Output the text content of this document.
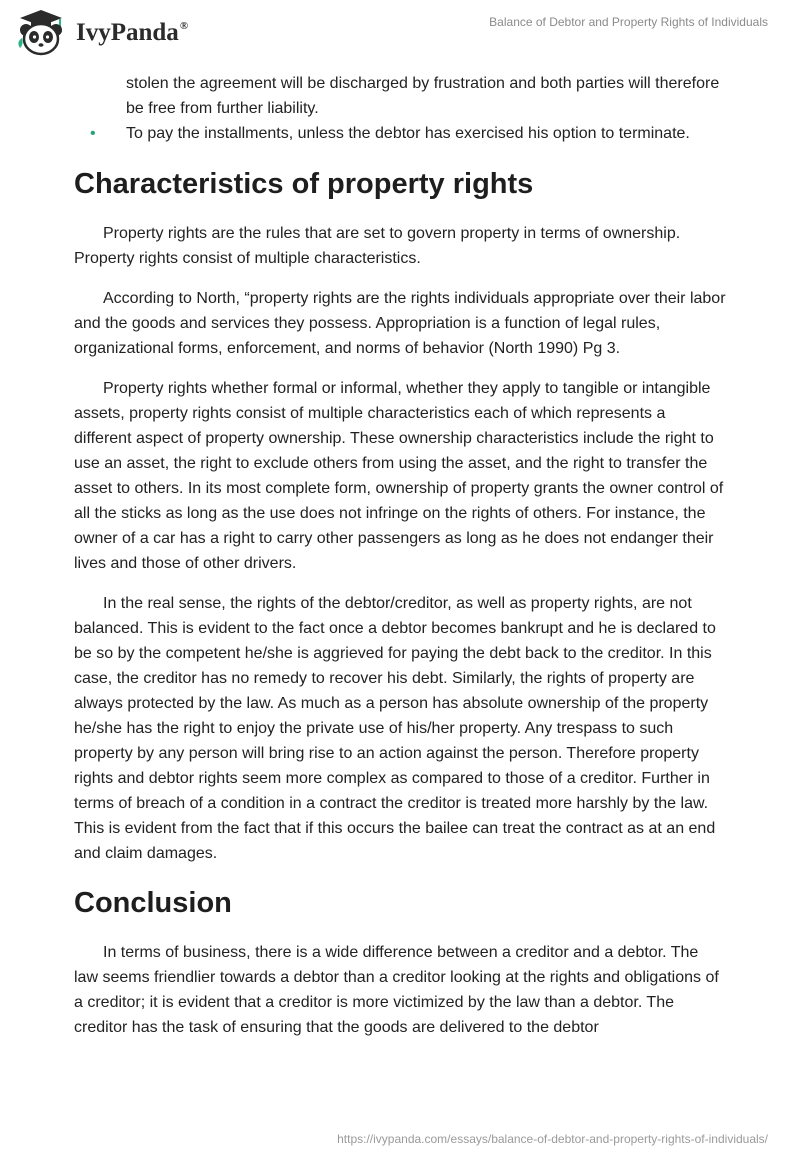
IvyPanda®	Balance of Debtor and Property Rights of Individuals
stolen the agreement will be discharged by frustration and both parties will therefore be free from further liability.
• To pay the installments, unless the debtor has exercised his option to terminate.
Characteristics of property rights

Property rights are the rules that are set to govern property in terms of ownership. Property rights consist of multiple characteristics.

According to North, “property rights are the rights individuals appropriate over their labor and the goods and services they possess. Appropriation is a function of legal rules, organizational forms, enforcement, and norms of behavior (North 1990) Pg 3.

Property rights whether formal or informal, whether they apply to tangible or intangible assets, property rights consist of multiple characteristics each of which represents a different aspect of property ownership. These ownership characteristics include the right to use an asset, the right to exclude others from using the asset, and the right to transfer the asset to others. In its most complete form, ownership of property grants the owner control of all the sticks as long as the use does not infringe on the rights of others. For instance, the owner of a car has a right to carry other passengers as long as he does not endanger their lives and those of other drivers.

In the real sense, the rights of the debtor/creditor, as well as property rights, are not balanced. This is evident to the fact once a debtor becomes bankrupt and he is declared to be so by the competent he/she is aggrieved for paying the debt back to the creditor. In this case, the creditor has no remedy to recover his debt. Similarly, the rights of property are always protected by the law. As much as a person has absolute ownership of the property he/she has the right to enjoy the private use of his/her property. Any trespass to such property by any person will bring rise to an action against the person. Therefore property rights and debtor rights seem more complex as compared to those of a creditor. Further in terms of breach of a condition in a contract the creditor is treated more harshly by the law. This is evident from the fact that if this occurs the bailee can treat the contract as at an end and claim damages.

Conclusion

In terms of business, there is a wide difference between a creditor and a debtor. The law seems friendlier towards a debtor than a creditor looking at the rights and obligations of a creditor; it is evident that a creditor is more victimized by the law than a debtor. The creditor has the task of ensuring that the goods are delivered to the debtor

https://ivypanda.com/essays/balance-of-debtor-and-property-rights-of-individuals/
